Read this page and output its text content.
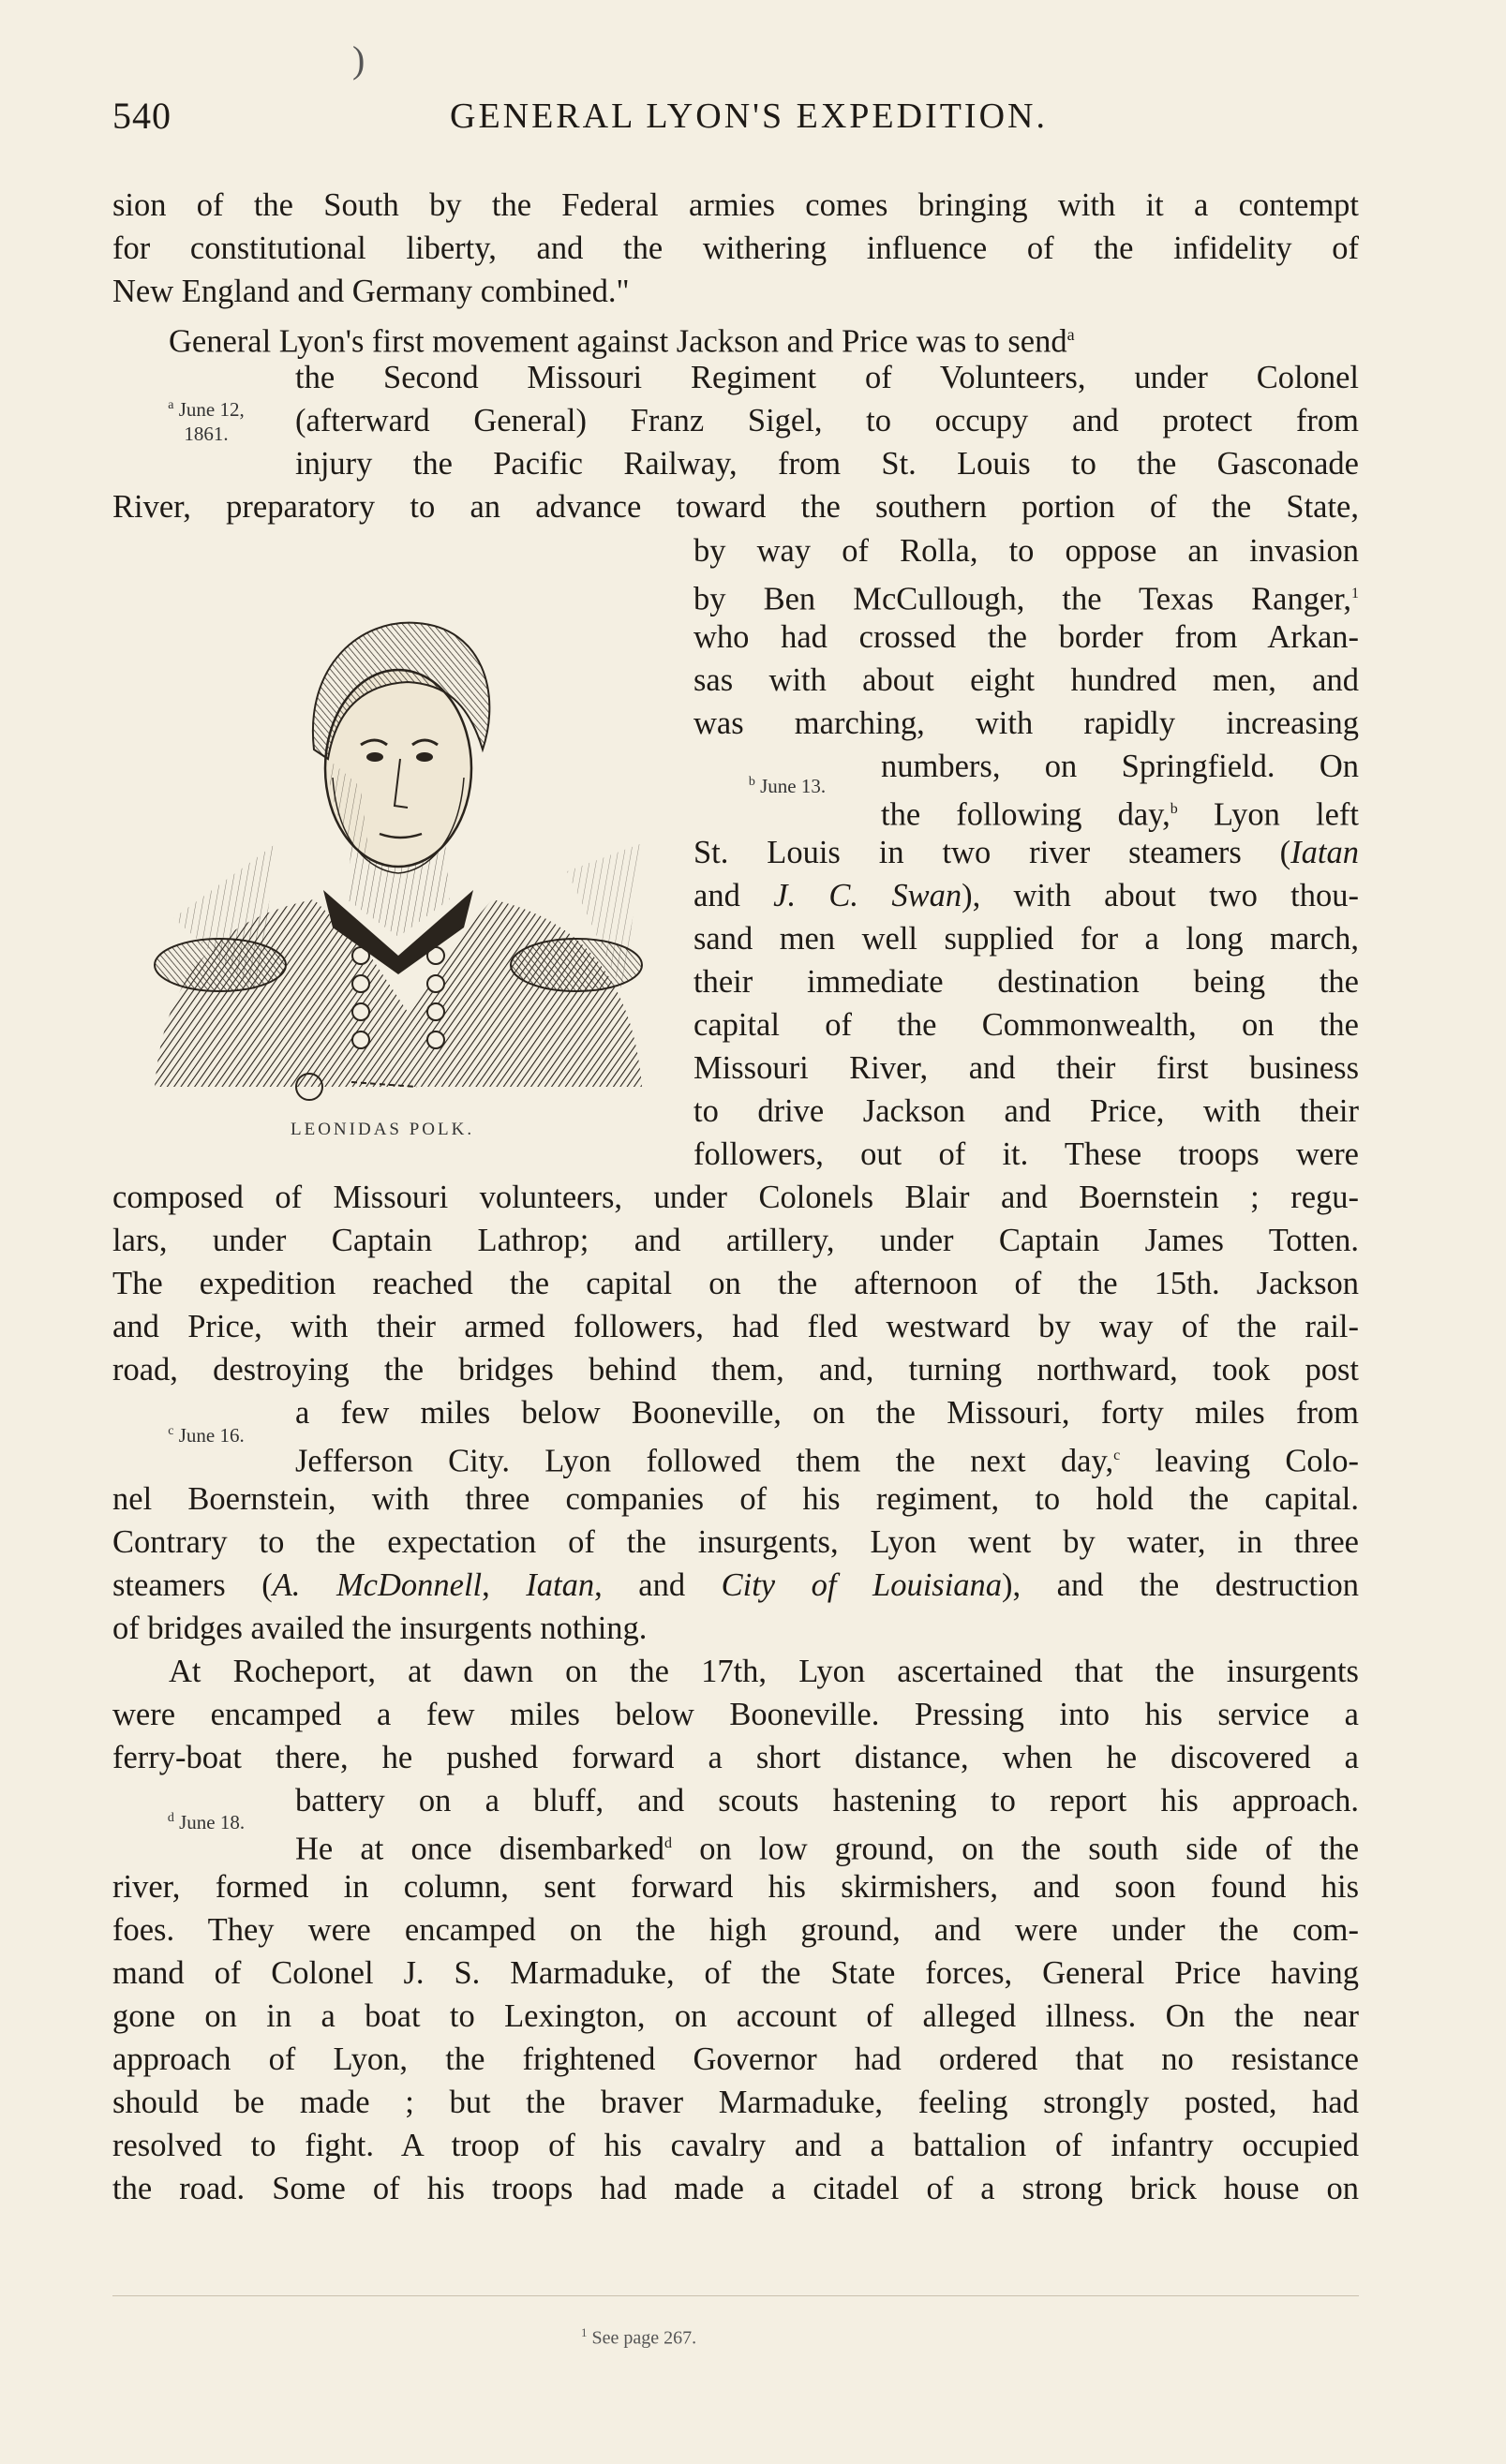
)
540	GENERAL LYON'S EXPEDITION.
sion of the South by the Federal armies comes bringing with it a contempt
for constitutional liberty, and the withering influence of the infidelity of
New England and Germany combined."
General Lyon's first movement against Jackson and Price was to send$^a$
the Second Missouri Regiment of Volunteers, under Colonel
(afterward General) Franz Sigel, to occupy and protect from
injury the Pacific Railway, from St. Louis to the Gasconade
River, preparatory to an advance toward the southern portion of the State,
$^a$ June 12,
1861.
LEONIDAS POLK.
by way of Rolla, to oppose an invasion
by Ben McCullough, the Texas Ranger,$^1$
who had crossed the border from Arkan-
sas with about eight hundred men, and
was marching, with rapidly increasing
numbers, on Springfield. On
the following day,$^b$ Lyon left
$^b$ June 13.
St. Louis in two river steamers (Iatan
and J. C. Swan), with about two thou-
sand men well supplied for a long march,
their immediate destination being the
capital of the Commonwealth, on the
Missouri River, and their first business
to drive Jackson and Price, with their
followers, out of it. These troops were
composed of Missouri volunteers, under Colonels Blair and Boernstein ; regu-
lars, under Captain Lathrop; and artillery, under Captain James Totten.
The expedition reached the capital on the afternoon of the 15th. Jackson
and Price, with their armed followers, had fled westward by way of the rail-
road, destroying the bridges behind them, and, turning northward, took post
a few miles below Booneville, on the Missouri, forty miles from
Jefferson City. Lyon followed them the next day,$^c$ leaving Colo-
$^c$ June 16.
nel Boernstein, with three companies of his regiment, to hold the capital.
Contrary to the expectation of the insurgents, Lyon went by water, in three
steamers (A. McDonnell, Iatan, and City of Louisiana), and the destruction
of bridges availed the insurgents nothing.
At Rocheport, at dawn on the 17th, Lyon ascertained that the insurgents
were encamped a few miles below Booneville. Pressing into his service a
ferry-boat there, he pushed forward a short distance, when he discovered a
battery on a bluff, and scouts hastening to report his approach.
He at once disembarked$^d$ on low ground, on the south side of the
$^d$ June 18.
river, formed in column, sent forward his skirmishers, and soon found his
foes. They were encamped on the high ground, and were under the com-
mand of Colonel J. S. Marmaduke, of the State forces, General Price having
gone on in a boat to Lexington, on account of alleged illness. On the near
approach of Lyon, the frightened Governor had ordered that no resistance
should be made ; but the braver Marmaduke, feeling strongly posted, had
resolved to fight. A troop of his cavalry and a battalion of infantry occupied
the road. Some of his troops had made a citadel of a strong brick house on
$^1$ See page 267.
